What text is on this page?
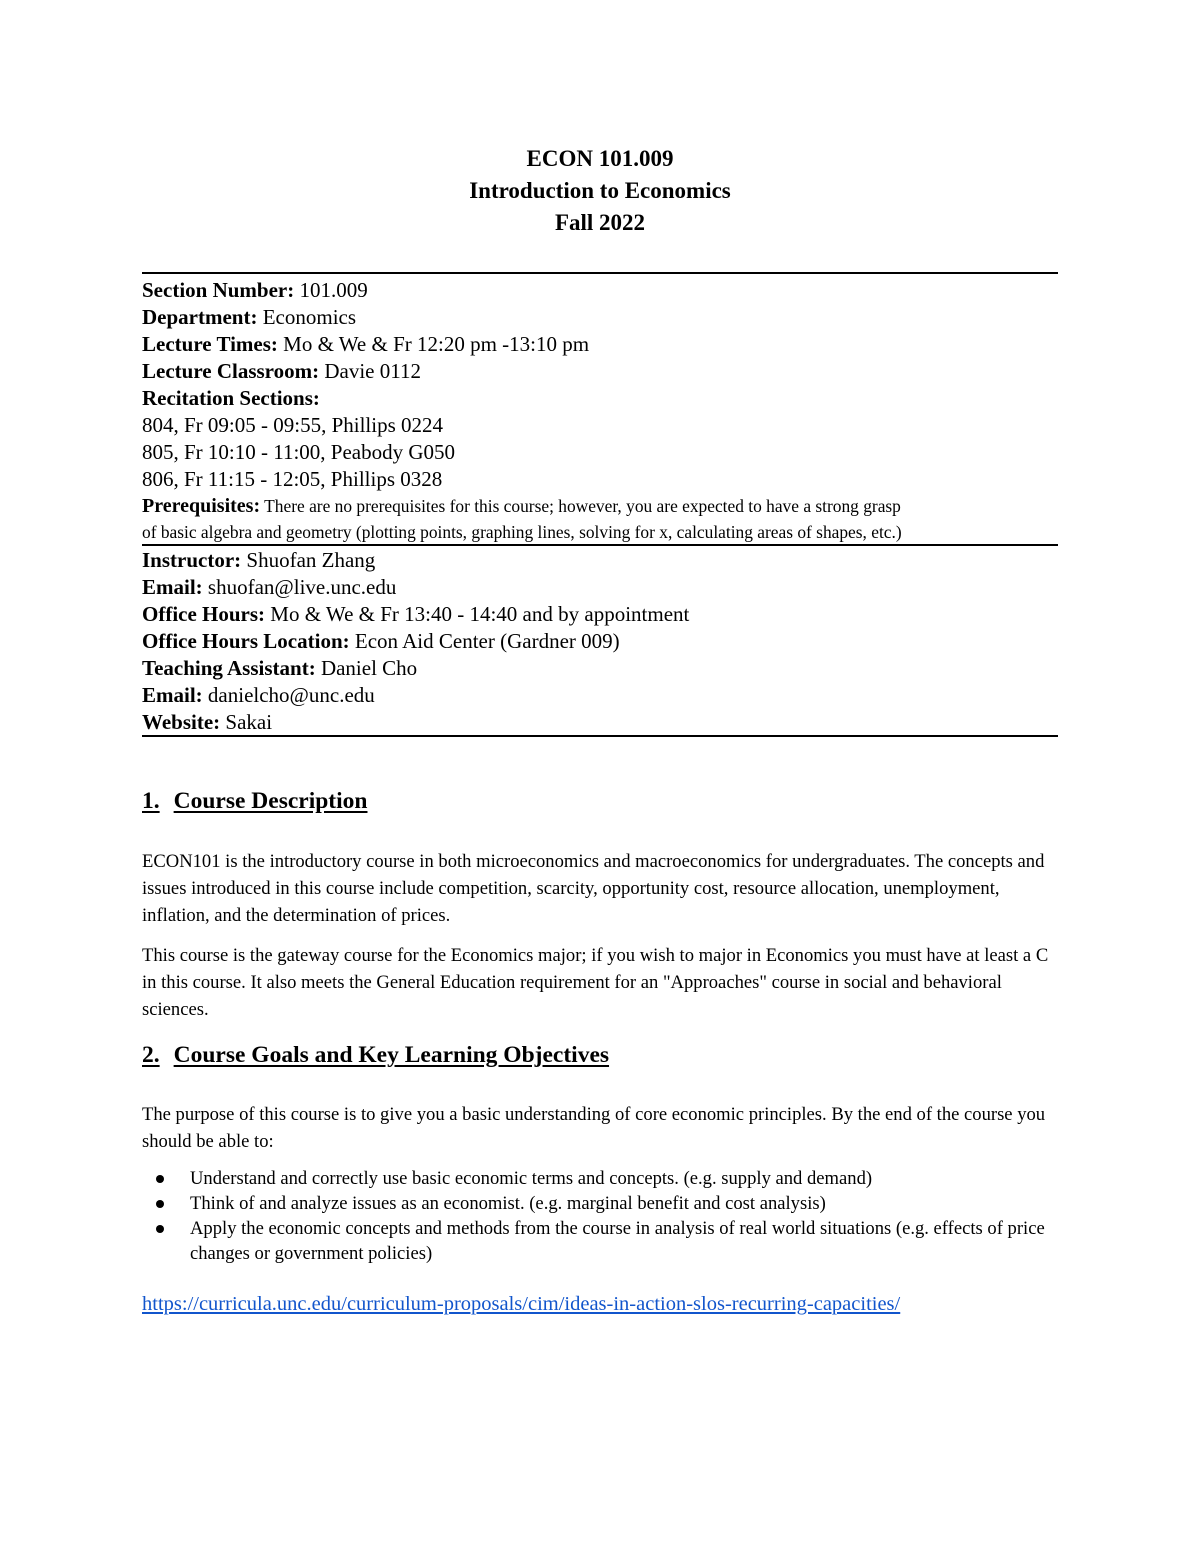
ECON 101.009
Introduction to Economics
Fall 2022
Section Number: 101.009
Department: Economics
Lecture Times: Mo & We & Fr 12:20 pm -13:10 pm
Lecture Classroom: Davie 0112
Recitation Sections:
804, Fr 09:05 - 09:55, Phillips 0224
805, Fr 10:10 - 11:00, Peabody G050
806, Fr 11:15 - 12:05, Phillips 0328
Prerequisites: There are no prerequisites for this course; however, you are expected to have a strong grasp
of basic algebra and geometry (plotting points, graphing lines, solving for x, calculating areas of shapes, etc.)
Instructor: Shuofan Zhang
Email: shuofan@live.unc.edu
Office Hours: Mo & We & Fr 13:40 - 14:40 and by appointment
Office Hours Location: Econ Aid Center (Gardner 009)
Teaching Assistant: Daniel Cho
Email: danielcho@unc.edu
Website: Sakai
1. Course Description

ECON101 is the introductory course in both microeconomics and macroeconomics for undergraduates. The concepts and issues introduced in this course include competition, scarcity, opportunity cost, resource allocation, unemployment, inflation, and the determination of prices.

This course is the gateway course for the Economics major; if you wish to major in Economics you must have at least a C in this course. It also meets the General Education requirement for an "Approaches" course in social and behavioral sciences.

2. Course Goals and Key Learning Objectives

The purpose of this course is to give you a basic understanding of core economic principles. By the end of the course you should be able to:

Understand and correctly use basic economic terms and concepts. (e.g. supply and demand)
Think of and analyze issues as an economist. (e.g. marginal benefit and cost analysis)
Apply the economic concepts and methods from the course in analysis of real world situations (e.g. effects of price changes or government policies)
https://curricula.unc.edu/curriculum-proposals/cim/ideas-in-action-slos-recurring-capacities/
